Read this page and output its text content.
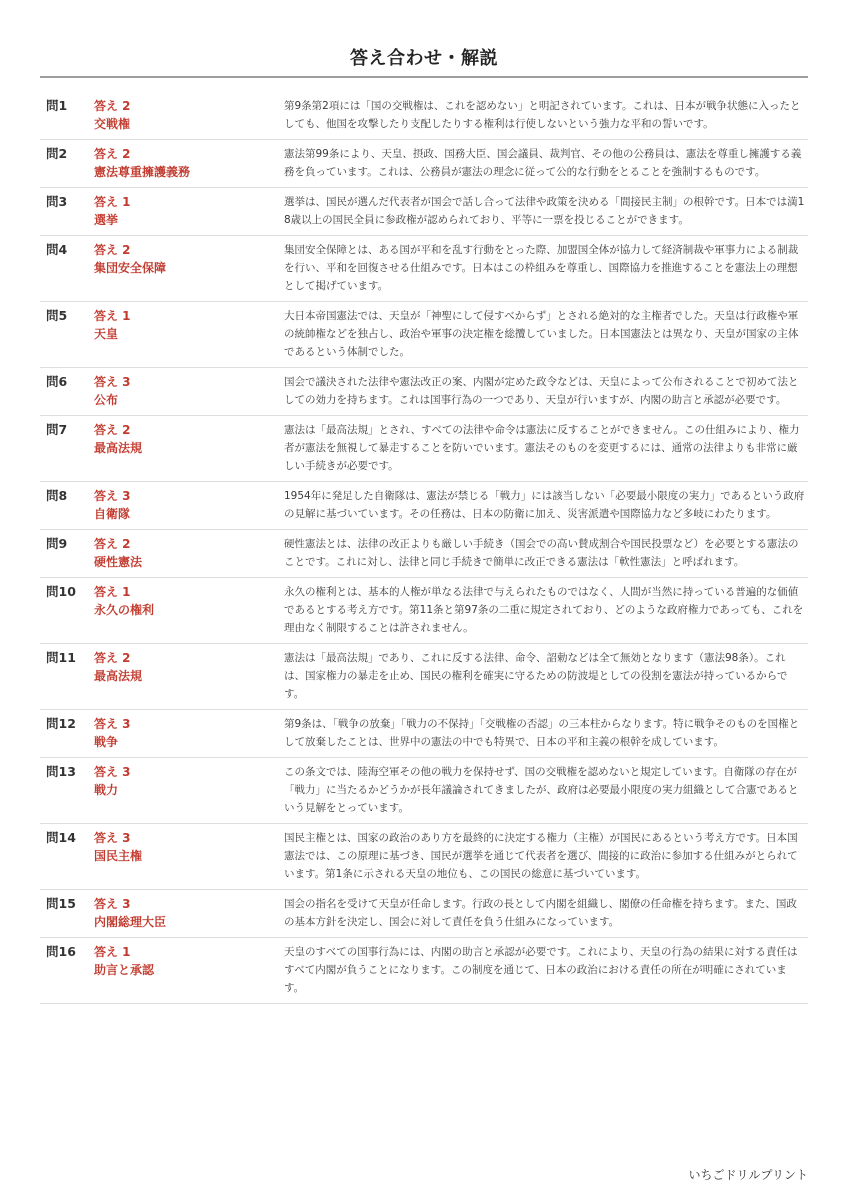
答え合わせ・解説
問1	答え 2
交戦権
第9条第2項には「国の交戦権は、これを認めない」と明記されています。これは、日本が戦争状態に入ったとしても、他国を攻撃したり支配したりする権利は行使しないという強力な平和の誓いです。
問2	答え 2
憲法尊重擁護義務
憲法第99条により、天皇、摂政、国務大臣、国会議員、裁判官、その他の公務員は、憲法を尊重し擁護する義務を負っています。これは、公務員が憲法の理念に従って公的な行動をとることを強制するものです。
問3	答え 1
選挙
選挙は、国民が選んだ代表者が国会で話し合って法律や政策を決める「間接民主制」の根幹です。日本では満18歳以上の国民全員に参政権が認められており、平等に一票を投じることができます。
問4	答え 2
集団安全保障
集団安全保障とは、ある国が平和を乱す行動をとった際、加盟国全体が協力して経済制裁や軍事力による制裁を行い、平和を回復させる仕組みです。日本はこの枠組みを尊重し、国際協力を推進することを憲法上の理想として掲げています。
問5	答え 1
天皇
大日本帝国憲法では、天皇が「神聖にして侵すべからず」とされる絶対的な主権者でした。天皇は行政権や軍の統帥権などを独占し、政治や軍事の決定権を総攬していました。日本国憲法とは異なり、天皇が国家の主体であるという体制でした。
問6	答え 3
公布
国会で議決された法律や憲法改正の案、内閣が定めた政令などは、天皇によって公布されることで初めて法としての効力を持ちます。これは国事行為の一つであり、天皇が行いますが、内閣の助言と承認が必要です。
問7	答え 2
最高法規
憲法は「最高法規」とされ、すべての法律や命令は憲法に反することができません。この仕組みにより、権力者が憲法を無視して暴走することを防いでいます。憲法そのものを変更するには、通常の法律よりも非常に厳しい手続きが必要です。
問8	答え 3
自衛隊
1954年に発足した自衛隊は、憲法が禁じる「戦力」には該当しない「必要最小限度の実力」であるという政府の見解に基づいています。その任務は、日本の防衛に加え、災害派遣や国際協力など多岐にわたります。
問9	答え 2
硬性憲法
硬性憲法とは、法律の改正よりも厳しい手続き（国会での高い賛成割合や国民投票など）を必要とする憲法のことです。これに対し、法律と同じ手続きで簡単に改正できる憲法は「軟性憲法」と呼ばれます。
問10	答え 1
永久の権利
永久の権利とは、基本的人権が単なる法律で与えられたものではなく、人間が当然に持っている普遍的な価値であるとする考え方です。第11条と第97条の二重に規定されており、どのような政府権力であっても、これを理由なく制限することは許されません。
問11	答え 2
最高法規
憲法は「最高法規」であり、これに反する法律、命令、詔勅などは全て無効となります（憲法98条）。これは、国家権力の暴走を止め、国民の権利を確実に守るための防波堤としての役割を憲法が持っているからです。
問12	答え 3
戦争
第9条は、「戦争の放棄」「戦力の不保持」「交戦権の否認」の三本柱からなります。特に戦争そのものを国権として放棄したことは、世界中の憲法の中でも特異で、日本の平和主義の根幹を成しています。
問13	答え 3
戦力
この条文では、陸海空軍その他の戦力を保持せず、国の交戦権を認めないと規定しています。自衛隊の存在が「戦力」に当たるかどうかが長年議論されてきましたが、政府は必要最小限度の実力組織として合憲であるという見解をとっています。
問14	答え 3
国民主権
国民主権とは、国家の政治のあり方を最終的に決定する権力（主権）が国民にあるという考え方です。日本国憲法では、この原理に基づき、国民が選挙を通じて代表者を選び、間接的に政治に参加する仕組みがとられています。第1条に示される天皇の地位も、この国民の総意に基づいています。
問15	答え 3
内閣総理大臣
国会の指名を受けて天皇が任命します。行政の長として内閣を組織し、閣僚の任命権を持ちます。また、国政の基本方針を決定し、国会に対して責任を負う仕組みになっています。
問16	答え 1
助言と承認
天皇のすべての国事行為には、内閣の助言と承認が必要です。これにより、天皇の行為の結果に対する責任はすべて内閣が負うことになります。この制度を通じて、日本の政治における責任の所在が明確にされています。
いちごドリルプリント
